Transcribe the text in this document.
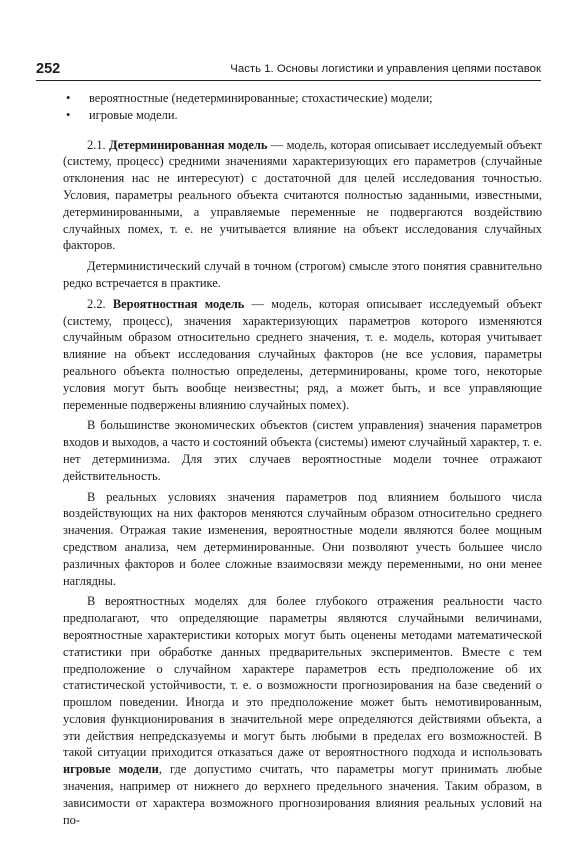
252	Часть 1. Основы логистики и управления цепями поставок
• вероятностные (недетерминированные; стохастические) модели;
• игровые модели.

2.1. Детерминированная модель — модель, которая описывает исследуемый объект (систему, процесс) средними значениями характеризующих его параметров (случайные отклонения нас не интересуют) с достаточной для целей исследования точностью. Условия, параметры реального объекта считаются полностью заданными, известными, детерминированными, а управляемые переменные не подвергаются воздействию случайных помех, т. е. не учитывается влияние на объект исследования случайных факторов.

Детерминистический случай в точном (строгом) смысле этого понятия сравнительно редко встречается в практике.

2.2. Вероятностная модель — модель, которая описывает исследуемый объект (систему, процесс), значения характеризующих параметров которого изменяются случайным образом относительно среднего значения, т. е. модель, которая учитывает влияние на объект исследования случайных факторов (не все условия, параметры реального объекта полностью определены, детерминированы, кроме того, некоторые условия могут быть вообще неизвестны; ряд, а может быть, и все управляющие переменные подвержены влиянию случайных помех).

В большинстве экономических объектов (систем управления) значения параметров входов и выходов, а часто и состояний объекта (системы) имеют случайный характер, т. е. нет детерминизма. Для этих случаев вероятностные модели точнее отражают действительность.

В реальных условиях значения параметров под влиянием большого числа воздействующих на них факторов меняются случайным образом относительно среднего значения. Отражая такие изменения, вероятностные модели являются более мощным средством анализа, чем детерминированные. Они позволяют учесть большее число различных факторов и более сложные взаимосвязи между переменными, но они менее наглядны.

В вероятностных моделях для более глубокого отражения реальности часто предполагают, что определяющие параметры являются случайными величинами, вероятностные характеристики которых могут быть оценены методами математической статистики при обработке данных предварительных экспериментов. Вместе с тем предположение о случайном характере параметров есть предположение об их статистической устойчивости, т. е. о возможности прогнозирования на базе сведений о прошлом поведении. Иногда и это предположение может быть немотивированным, условия функционирования в значительной мере определяются действиями объекта, а эти действия непредсказуемы и могут быть любыми в пределах его возможностей. В такой ситуации приходится отказаться даже от вероятностного подхода и использовать игровые модели, где допустимо считать, что параметры могут принимать любые значения, например от нижнего до верхнего предельного значения. Таким образом, в зависимости от характера возможного прогнозирования влияния реальных условий на по-
